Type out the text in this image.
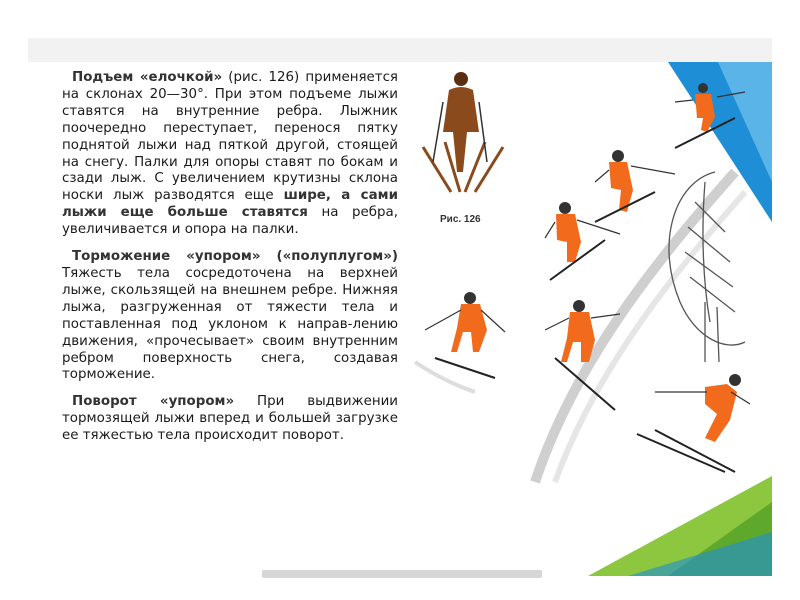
Подъем «елочкой» (рис. 126) применяется на склонах 20—30°. При этом подъеме лыжи ставятся на внутренние ребра. Лыжник поочередно переступает, перенося пятку поднятой лыжи над пяткой другой, стоящей на снегу. Палки для опоры ставят по бокам и сзади лыж. С увеличением крутизны склона носки лыж разводятся еще шире, а сами лыжи еще больше ставятся на ребра, увеличивается и опора на палки.

Торможение «упором» («полуплугом») Тяжесть тела сосредоточена на верхней лыже, скользящей на внешнем ребре. Нижняя лыжа, разгруженная от тяжести тела и поставленная под уклоном к направ-лению движения, «прочесывает» своим внутренним ребром поверхность снега, создавая торможение.

Поворот «упором» При выдвижении тормозящей лыжи вперед и большей загрузке ее тяжестью тела происходит поворот.

Рис. 126
